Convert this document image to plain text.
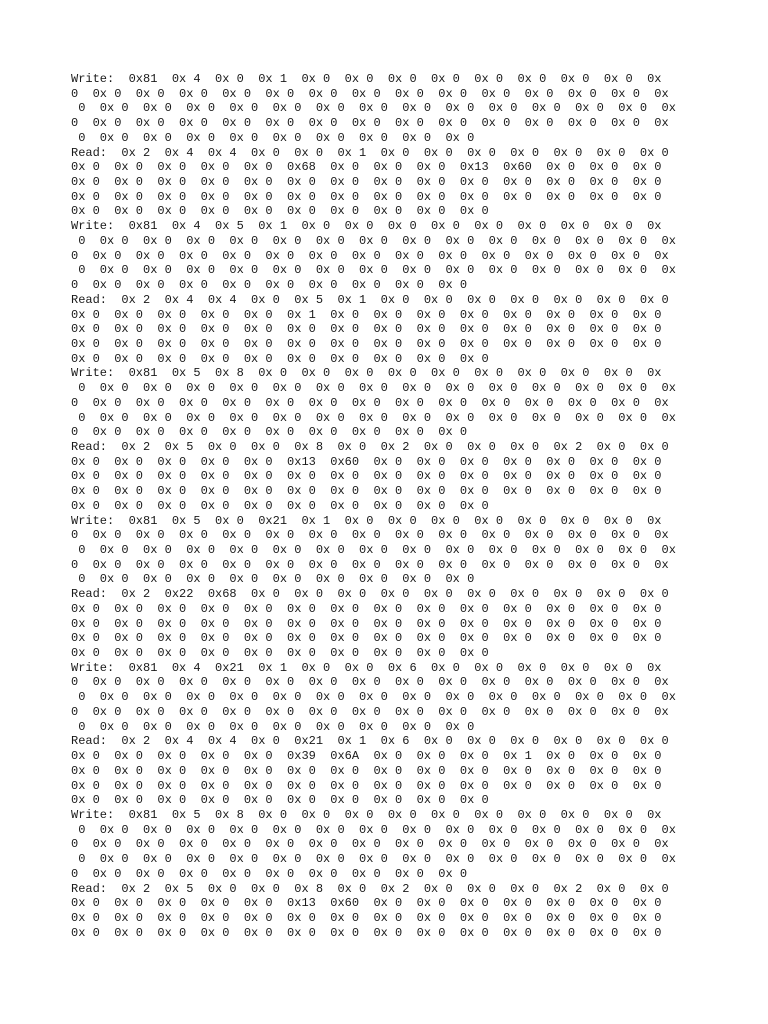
Write:  0x81  0x 4  0x 0  0x 1  0x 0  0x 0  0x 0  0x 0  0x 0  0x 0  0x 0  0x 0  0x
0  0x 0  0x 0  0x 0  0x 0  0x 0  0x 0  0x 0  0x 0  0x 0  0x 0  0x 0  0x 0  0x 0  0x
0  0x 0  0x 0  0x 0  0x 0  0x 0  0x 0  0x 0  0x 0  0x 0  0x 0  0x 0  0x 0  0x 0  0x
0  0x 0  0x 0  0x 0  0x 0  0x 0  0x 0  0x 0  0x 0  0x 0  0x 0  0x 0  0x 0  0x 0  0x
0  0x 0  0x 0  0x 0  0x 0  0x 0  0x 0  0x 0  0x 0  0x 0
Read:  0x 2  0x 4  0x 4  0x 0  0x 0  0x 1  0x 0  0x 0  0x 0  0x 0  0x 0  0x 0  0x 0
0x 0  0x 0  0x 0  0x 0  0x 0  0x68  0x 0  0x 0  0x 0  0x13  0x60  0x 0  0x 0  0x 0
0x 0  0x 0  0x 0  0x 0  0x 0  0x 0  0x 0  0x 0  0x 0  0x 0  0x 0  0x 0  0x 0  0x 0
0x 0  0x 0  0x 0  0x 0  0x 0  0x 0  0x 0  0x 0  0x 0  0x 0  0x 0  0x 0  0x 0  0x 0
0x 0  0x 0  0x 0  0x 0  0x 0  0x 0  0x 0  0x 0  0x 0  0x 0
Write:  0x81  0x 4  0x 5  0x 1  0x 0  0x 0  0x 0  0x 0  0x 0  0x 0  0x 0  0x 0  0x
0  0x 0  0x 0  0x 0  0x 0  0x 0  0x 0  0x 0  0x 0  0x 0  0x 0  0x 0  0x 0  0x 0  0x
0  0x 0  0x 0  0x 0  0x 0  0x 0  0x 0  0x 0  0x 0  0x 0  0x 0  0x 0  0x 0  0x 0  0x
0  0x 0  0x 0  0x 0  0x 0  0x 0  0x 0  0x 0  0x 0  0x 0  0x 0  0x 0  0x 0  0x 0  0x
0  0x 0  0x 0  0x 0  0x 0  0x 0  0x 0  0x 0  0x 0  0x 0
Read:  0x 2  0x 4  0x 4  0x 0  0x 5  0x 1  0x 0  0x 0  0x 0  0x 0  0x 0  0x 0  0x 0
0x 0  0x 0  0x 0  0x 0  0x 0  0x 1  0x 0  0x 0  0x 0  0x 0  0x 0  0x 0  0x 0  0x 0
0x 0  0x 0  0x 0  0x 0  0x 0  0x 0  0x 0  0x 0  0x 0  0x 0  0x 0  0x 0  0x 0  0x 0
0x 0  0x 0  0x 0  0x 0  0x 0  0x 0  0x 0  0x 0  0x 0  0x 0  0x 0  0x 0  0x 0  0x 0
0x 0  0x 0  0x 0  0x 0  0x 0  0x 0  0x 0  0x 0  0x 0  0x 0
Write:  0x81  0x 5  0x 8  0x 0  0x 0  0x 0  0x 0  0x 0  0x 0  0x 0  0x 0  0x 0  0x
0  0x 0  0x 0  0x 0  0x 0  0x 0  0x 0  0x 0  0x 0  0x 0  0x 0  0x 0  0x 0  0x 0  0x
0  0x 0  0x 0  0x 0  0x 0  0x 0  0x 0  0x 0  0x 0  0x 0  0x 0  0x 0  0x 0  0x 0  0x
0  0x 0  0x 0  0x 0  0x 0  0x 0  0x 0  0x 0  0x 0  0x 0  0x 0  0x 0  0x 0  0x 0  0x
0  0x 0  0x 0  0x 0  0x 0  0x 0  0x 0  0x 0  0x 0  0x 0
Read:  0x 2  0x 5  0x 0  0x 0  0x 8  0x 0  0x 2  0x 0  0x 0  0x 0  0x 2  0x 0  0x 0
0x 0  0x 0  0x 0  0x 0  0x 0  0x13  0x60  0x 0  0x 0  0x 0  0x 0  0x 0  0x 0  0x 0
0x 0  0x 0  0x 0  0x 0  0x 0  0x 0  0x 0  0x 0  0x 0  0x 0  0x 0  0x 0  0x 0  0x 0
0x 0  0x 0  0x 0  0x 0  0x 0  0x 0  0x 0  0x 0  0x 0  0x 0  0x 0  0x 0  0x 0  0x 0
0x 0  0x 0  0x 0  0x 0  0x 0  0x 0  0x 0  0x 0  0x 0  0x 0
Write:  0x81  0x 5  0x 0  0x21  0x 1  0x 0  0x 0  0x 0  0x 0  0x 0  0x 0  0x 0  0x
0  0x 0  0x 0  0x 0  0x 0  0x 0  0x 0  0x 0  0x 0  0x 0  0x 0  0x 0  0x 0  0x 0  0x
0  0x 0  0x 0  0x 0  0x 0  0x 0  0x 0  0x 0  0x 0  0x 0  0x 0  0x 0  0x 0  0x 0  0x
0  0x 0  0x 0  0x 0  0x 0  0x 0  0x 0  0x 0  0x 0  0x 0  0x 0  0x 0  0x 0  0x 0  0x
0  0x 0  0x 0  0x 0  0x 0  0x 0  0x 0  0x 0  0x 0  0x 0
Read:  0x 2  0x22  0x68  0x 0  0x 0  0x 0  0x 0  0x 0  0x 0  0x 0  0x 0  0x 0  0x 0
0x 0  0x 0  0x 0  0x 0  0x 0  0x 0  0x 0  0x 0  0x 0  0x 0  0x 0  0x 0  0x 0  0x 0
0x 0  0x 0  0x 0  0x 0  0x 0  0x 0  0x 0  0x 0  0x 0  0x 0  0x 0  0x 0  0x 0  0x 0
0x 0  0x 0  0x 0  0x 0  0x 0  0x 0  0x 0  0x 0  0x 0  0x 0  0x 0  0x 0  0x 0  0x 0
0x 0  0x 0  0x 0  0x 0  0x 0  0x 0  0x 0  0x 0  0x 0  0x 0
Write:  0x81  0x 4  0x21  0x 1  0x 0  0x 0  0x 6  0x 0  0x 0  0x 0  0x 0  0x 0  0x
0  0x 0  0x 0  0x 0  0x 0  0x 0  0x 0  0x 0  0x 0  0x 0  0x 0  0x 0  0x 0  0x 0  0x
0  0x 0  0x 0  0x 0  0x 0  0x 0  0x 0  0x 0  0x 0  0x 0  0x 0  0x 0  0x 0  0x 0  0x
0  0x 0  0x 0  0x 0  0x 0  0x 0  0x 0  0x 0  0x 0  0x 0  0x 0  0x 0  0x 0  0x 0  0x
0  0x 0  0x 0  0x 0  0x 0  0x 0  0x 0  0x 0  0x 0  0x 0
Read:  0x 2  0x 4  0x 4  0x 0  0x21  0x 1  0x 6  0x 0  0x 0  0x 0  0x 0  0x 0  0x 0
0x 0  0x 0  0x 0  0x 0  0x 0  0x39  0x6A  0x 0  0x 0  0x 0  0x 1  0x 0  0x 0  0x 0
0x 0  0x 0  0x 0  0x 0  0x 0  0x 0  0x 0  0x 0  0x 0  0x 0  0x 0  0x 0  0x 0  0x 0
0x 0  0x 0  0x 0  0x 0  0x 0  0x 0  0x 0  0x 0  0x 0  0x 0  0x 0  0x 0  0x 0  0x 0
0x 0  0x 0  0x 0  0x 0  0x 0  0x 0  0x 0  0x 0  0x 0  0x 0
Write:  0x81  0x 5  0x 8  0x 0  0x 0  0x 0  0x 0  0x 0  0x 0  0x 0  0x 0  0x 0  0x
0  0x 0  0x 0  0x 0  0x 0  0x 0  0x 0  0x 0  0x 0  0x 0  0x 0  0x 0  0x 0  0x 0  0x
0  0x 0  0x 0  0x 0  0x 0  0x 0  0x 0  0x 0  0x 0  0x 0  0x 0  0x 0  0x 0  0x 0  0x
0  0x 0  0x 0  0x 0  0x 0  0x 0  0x 0  0x 0  0x 0  0x 0  0x 0  0x 0  0x 0  0x 0  0x
0  0x 0  0x 0  0x 0  0x 0  0x 0  0x 0  0x 0  0x 0  0x 0
Read:  0x 2  0x 5  0x 0  0x 0  0x 8  0x 0  0x 2  0x 0  0x 0  0x 0  0x 2  0x 0  0x 0
0x 0  0x 0  0x 0  0x 0  0x 0  0x13  0x60  0x 0  0x 0  0x 0  0x 0  0x 0  0x 0  0x 0
0x 0  0x 0  0x 0  0x 0  0x 0  0x 0  0x 0  0x 0  0x 0  0x 0  0x 0  0x 0  0x 0  0x 0
0x 0  0x 0  0x 0  0x 0  0x 0  0x 0  0x 0  0x 0  0x 0  0x 0  0x 0  0x 0  0x 0  0x 0
